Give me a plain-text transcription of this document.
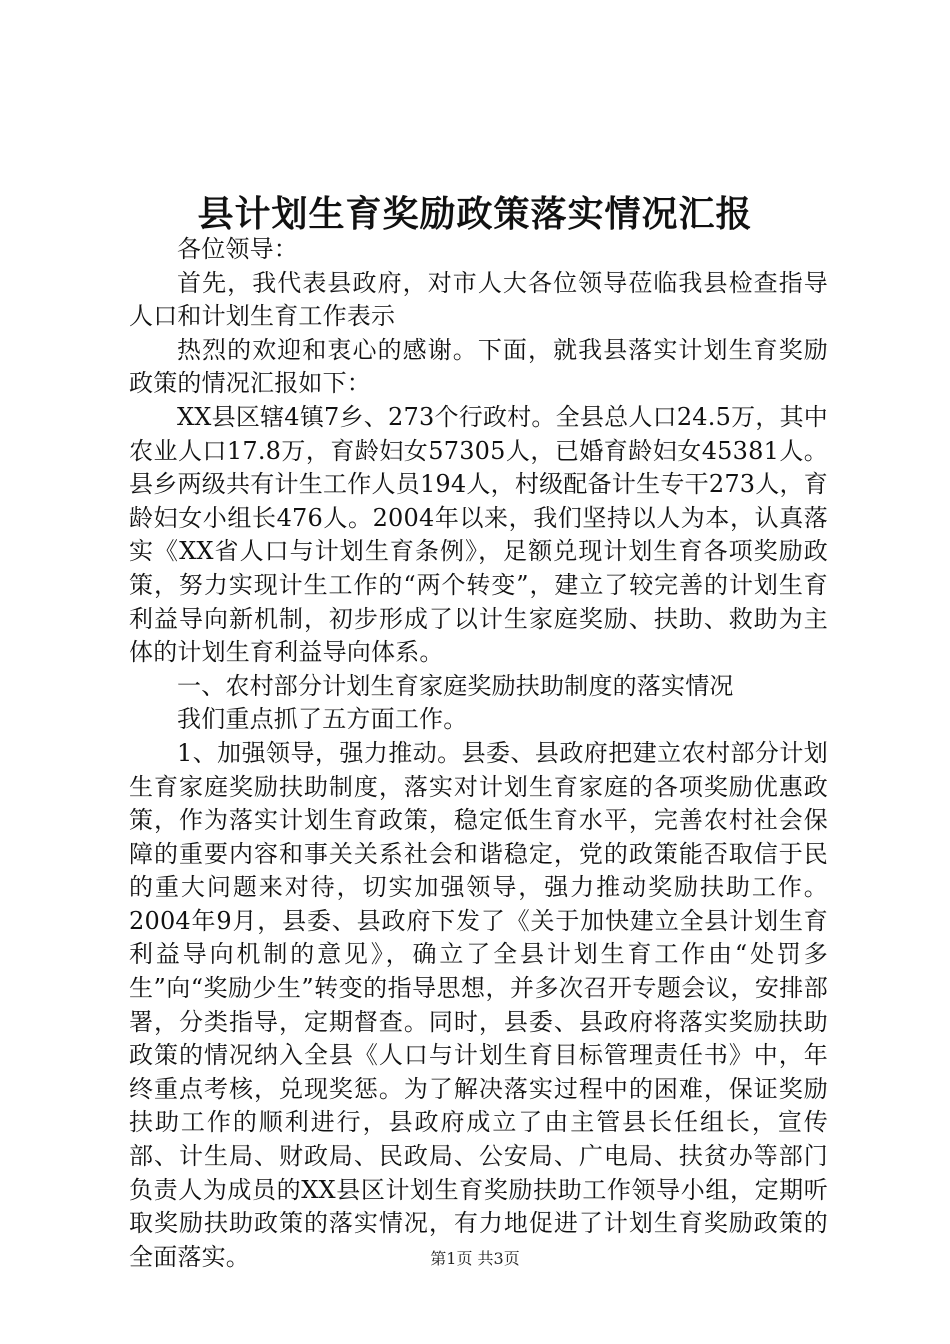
县计划生育奖励政策落实情况汇报

各位领导：

首先，我代表县政府，对市人大各位领导莅临我县检查指导人口和计划生育工作表示

热烈的欢迎和衷心的感谢。下面，就我县落实计划生育奖励政策的情况汇报如下：

XX县区辖4镇7乡、273个行政村。全县总人口24.5万，其中农业人口17.8万，育龄妇女57305人，已婚育龄妇女45381人。县乡两级共有计生工作人员194人，村级配备计生专干273人，育龄妇女小组长476人。2004年以来，我们坚持以人为本，认真落实《XX省人口与计划生育条例》，足额兑现计划生育各项奖励政策，努力实现计生工作的“两个转变”，建立了较完善的计划生育利益导向新机制，初步形成了以计生家庭奖励、扶助、救助为主体的计划生育利益导向体系。

一、农村部分计划生育家庭奖励扶助制度的落实情况

我们重点抓了五方面工作。

1、加强领导，强力推动。县委、县政府把建立农村部分计划生育家庭奖励扶助制度，落实对计划生育家庭的各项奖励优惠政策，作为落实计划生育政策，稳定低生育水平，完善农村社会保障的重要内容和事关关系社会和谐稳定，党的政策能否取信于民的重大问题来对待，切实加强领导，强力推动奖励扶助工作。2004年9月，县委、县政府下发了《关于加快建立全县计划生育利益导向机制的意见》，确立了全县计划生育工作由“处罚多生”向“奖励少生”转变的指导思想，并多次召开专题会议，安排部署，分类指导，定期督查。同时，县委、县政府将落实奖励扶助政策的情况纳入全县《人口与计划生育目标管理责任书》中，年终重点考核，兑现奖惩。为了解决落实过程中的困难，保证奖励扶助工作的顺利进行，县政府成立了由主管县长任组长，宣传部、计生局、财政局、民政局、公安局、广电局、扶贫办等部门负责人为成员的XX县区计划生育奖励扶助工作领导小组，定期听取奖励扶助政策的落实情况，有力地促进了计划生育奖励政策的全面落实。	第1页 共3页
